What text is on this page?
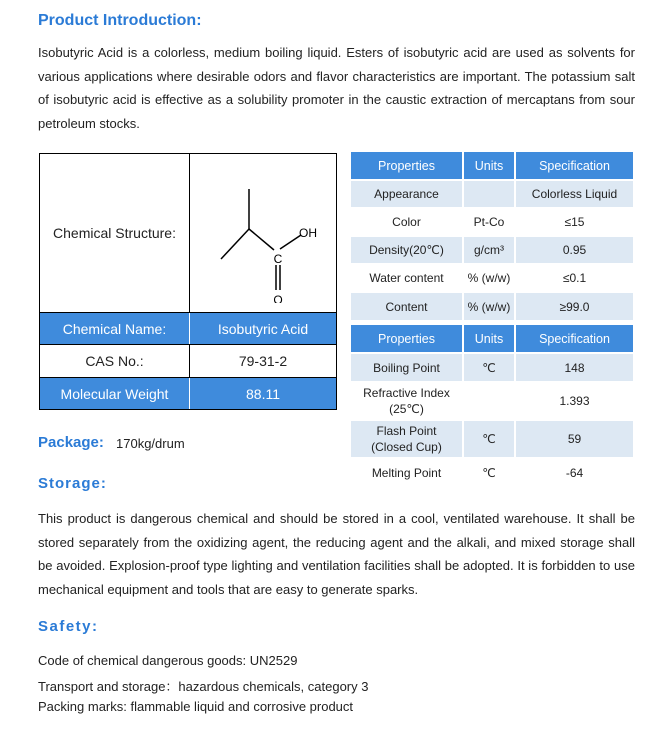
Product Introduction:
Isobutyric Acid is a colorless, medium boiling liquid. Esters of isobutyric acid are used as solvents for various applications where desirable odors and flavor characteristics are important. The potassium salt of isobutyric acid is effective as a solubility promoter in the caustic extraction of mercaptans from sour petroleum stocks.
Chemical Structure:
C
OH
O
Chemical Name:	Isobutyric Acid
CAS No.:	79-31-2
Molecular Weight	88.11
Properties	Units	Specification
Appearance		Colorless Liquid
Color	Pt-Co	≤15
Density(20℃)	g/cm³	0.95
Water content	% (w/w)	≤0.1
Content	% (w/w)	≥99.0
Properties	Units	Specification
Boiling Point	℃	148
Refractive Index
(25℃)		1.393
Flash Point
(Closed Cup)	℃	59
Melting Point	℃	-64
Package: 170kg/drum
Storage:
This product is dangerous chemical and should be stored in a cool, ventilated warehouse. It shall be stored separately from the oxidizing agent, the reducing agent and the alkali, and mixed storage shall be avoided. Explosion-proof type lighting and ventilation facilities shall be adopted. It is forbidden to use mechanical equipment and tools that are easy to generate sparks.
Safety:
Code of chemical dangerous goods: UN2529
Transport and storage：hazardous chemicals, category 3
Packing marks: flammable liquid and corrosive product
